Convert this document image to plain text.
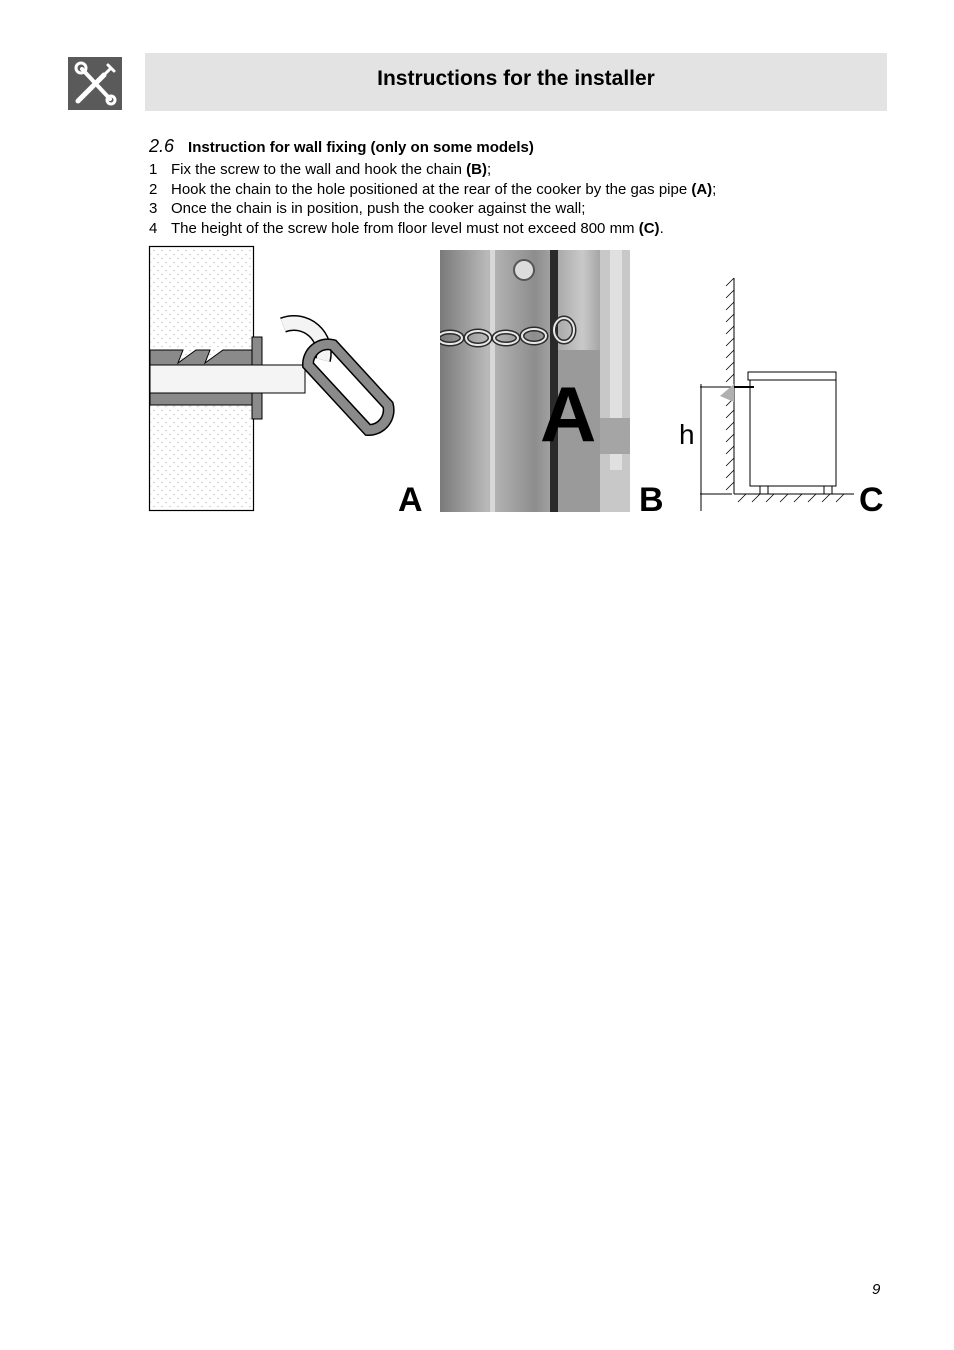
Instructions for the installer
2.6 Instruction for wall fixing (only on some models)
1 Fix the screw to the wall and hook the chain (B);
2 Hook the chain to the hole positioned at the rear of the cooker by the gas pipe (A);
3 Once the chain is in position, push the cooker against the wall;
4 The height of the screw hole from floor level must not exceed 800 mm (C).
A
A
B
h
C
9
